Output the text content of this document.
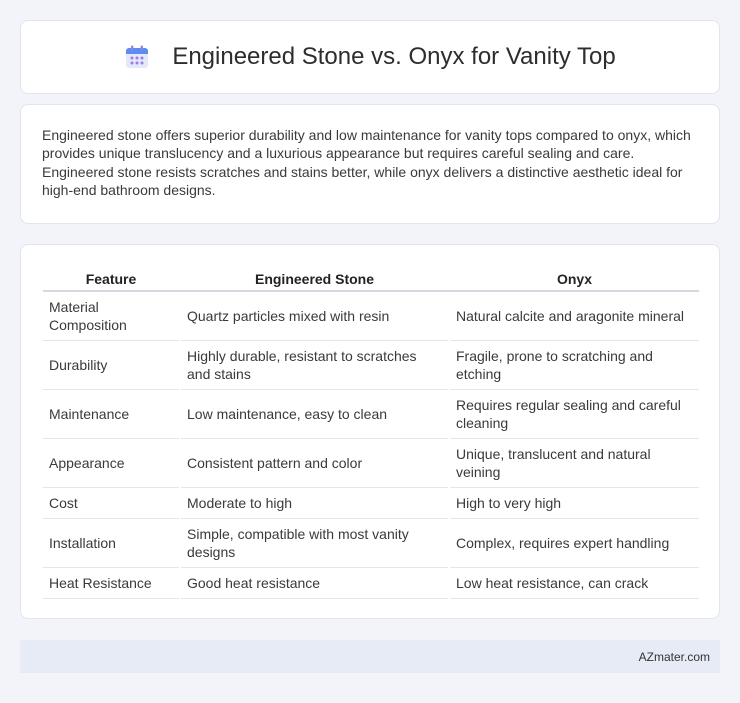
Engineered Stone vs. Onyx for Vanity Top

Engineered stone offers superior durability and low maintenance for vanity tops compared to onyx, which provides unique translucency and a luxurious appearance but requires careful sealing and care. Engineered stone resists scratches and stains better, while onyx delivers a distinctive aesthetic ideal for high-end bathroom designs.

Feature	Engineered Stone	Onyx
Material Composition	Quartz particles mixed with resin	Natural calcite and aragonite mineral
Durability	Highly durable, resistant to scratches and stains	Fragile, prone to scratching and etching
Maintenance	Low maintenance, easy to clean	Requires regular sealing and careful cleaning
Appearance	Consistent pattern and color	Unique, translucent and natural veining
Cost	Moderate to high	High to very high
Installation	Simple, compatible with most vanity designs	Complex, requires expert handling
Heat Resistance	Good heat resistance	Low heat resistance, can crack
AZmater.com
